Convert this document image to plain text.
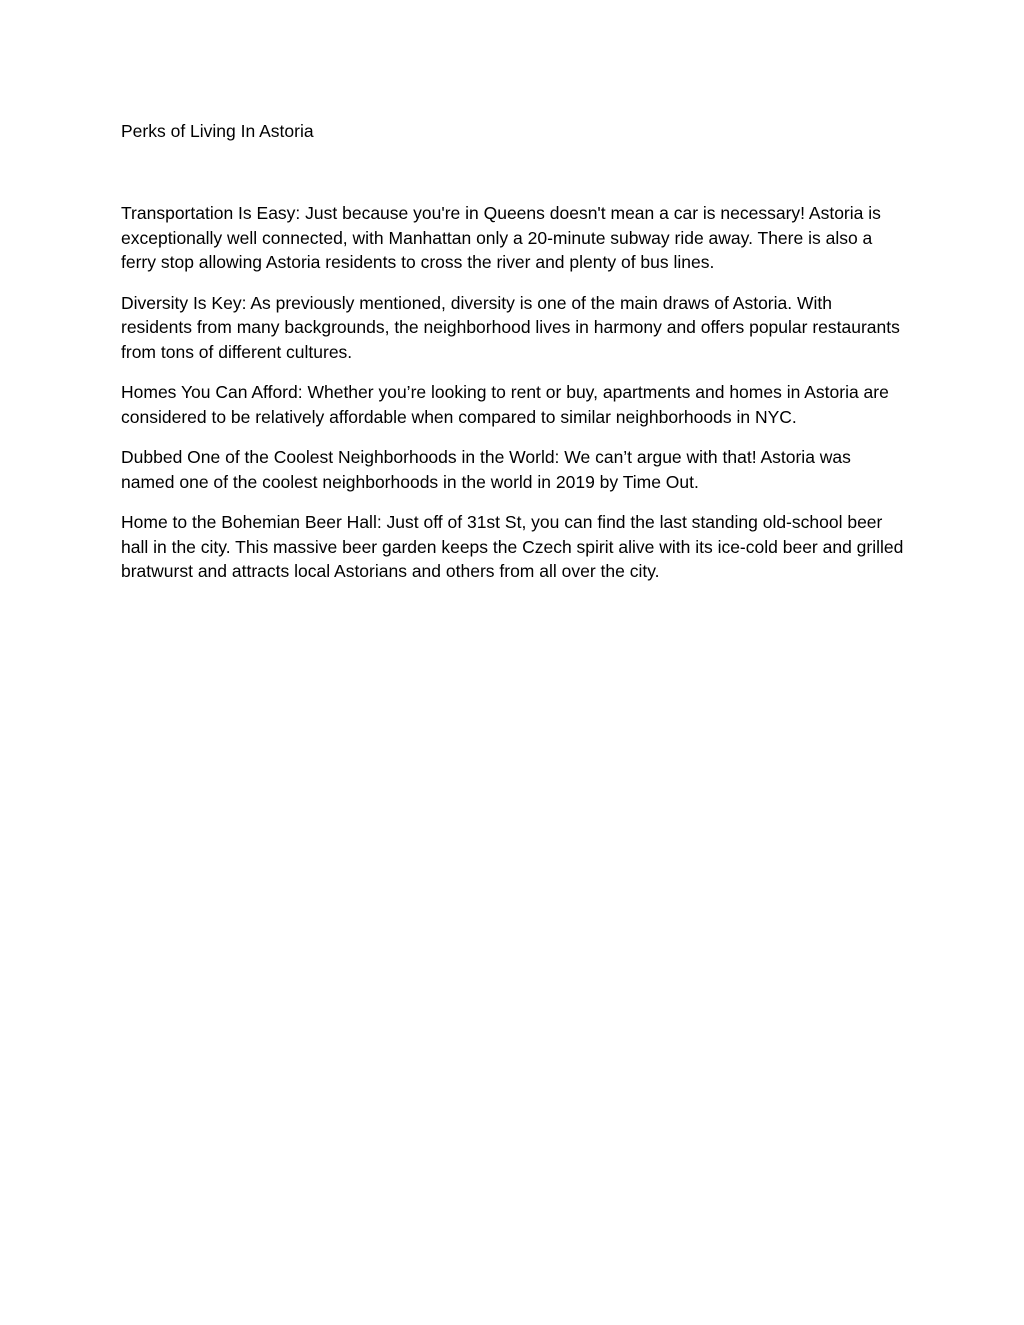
Perks of Living In Astoria

Transportation Is Easy: Just because you're in Queens doesn't mean a car is necessary! Astoria is exceptionally well connected, with Manhattan only a 20-minute subway ride away. There is also a ferry stop allowing Astoria residents to cross the river and plenty of bus lines.

Diversity Is Key: As previously mentioned, diversity is one of the main draws of Astoria. With residents from many backgrounds, the neighborhood lives in harmony and offers popular restaurants from tons of different cultures.

Homes You Can Afford: Whether you’re looking to rent or buy, apartments and homes in Astoria are considered to be relatively affordable when compared to similar neighborhoods in NYC.

Dubbed One of the Coolest Neighborhoods in the World: We can’t argue with that! Astoria was named one of the coolest neighborhoods in the world in 2019 by Time Out.

Home to the Bohemian Beer Hall: Just off of 31st St, you can find the last standing old-school beer hall in the city. This massive beer garden keeps the Czech spirit alive with its ice-cold beer and grilled bratwurst and attracts local Astorians and others from all over the city.
